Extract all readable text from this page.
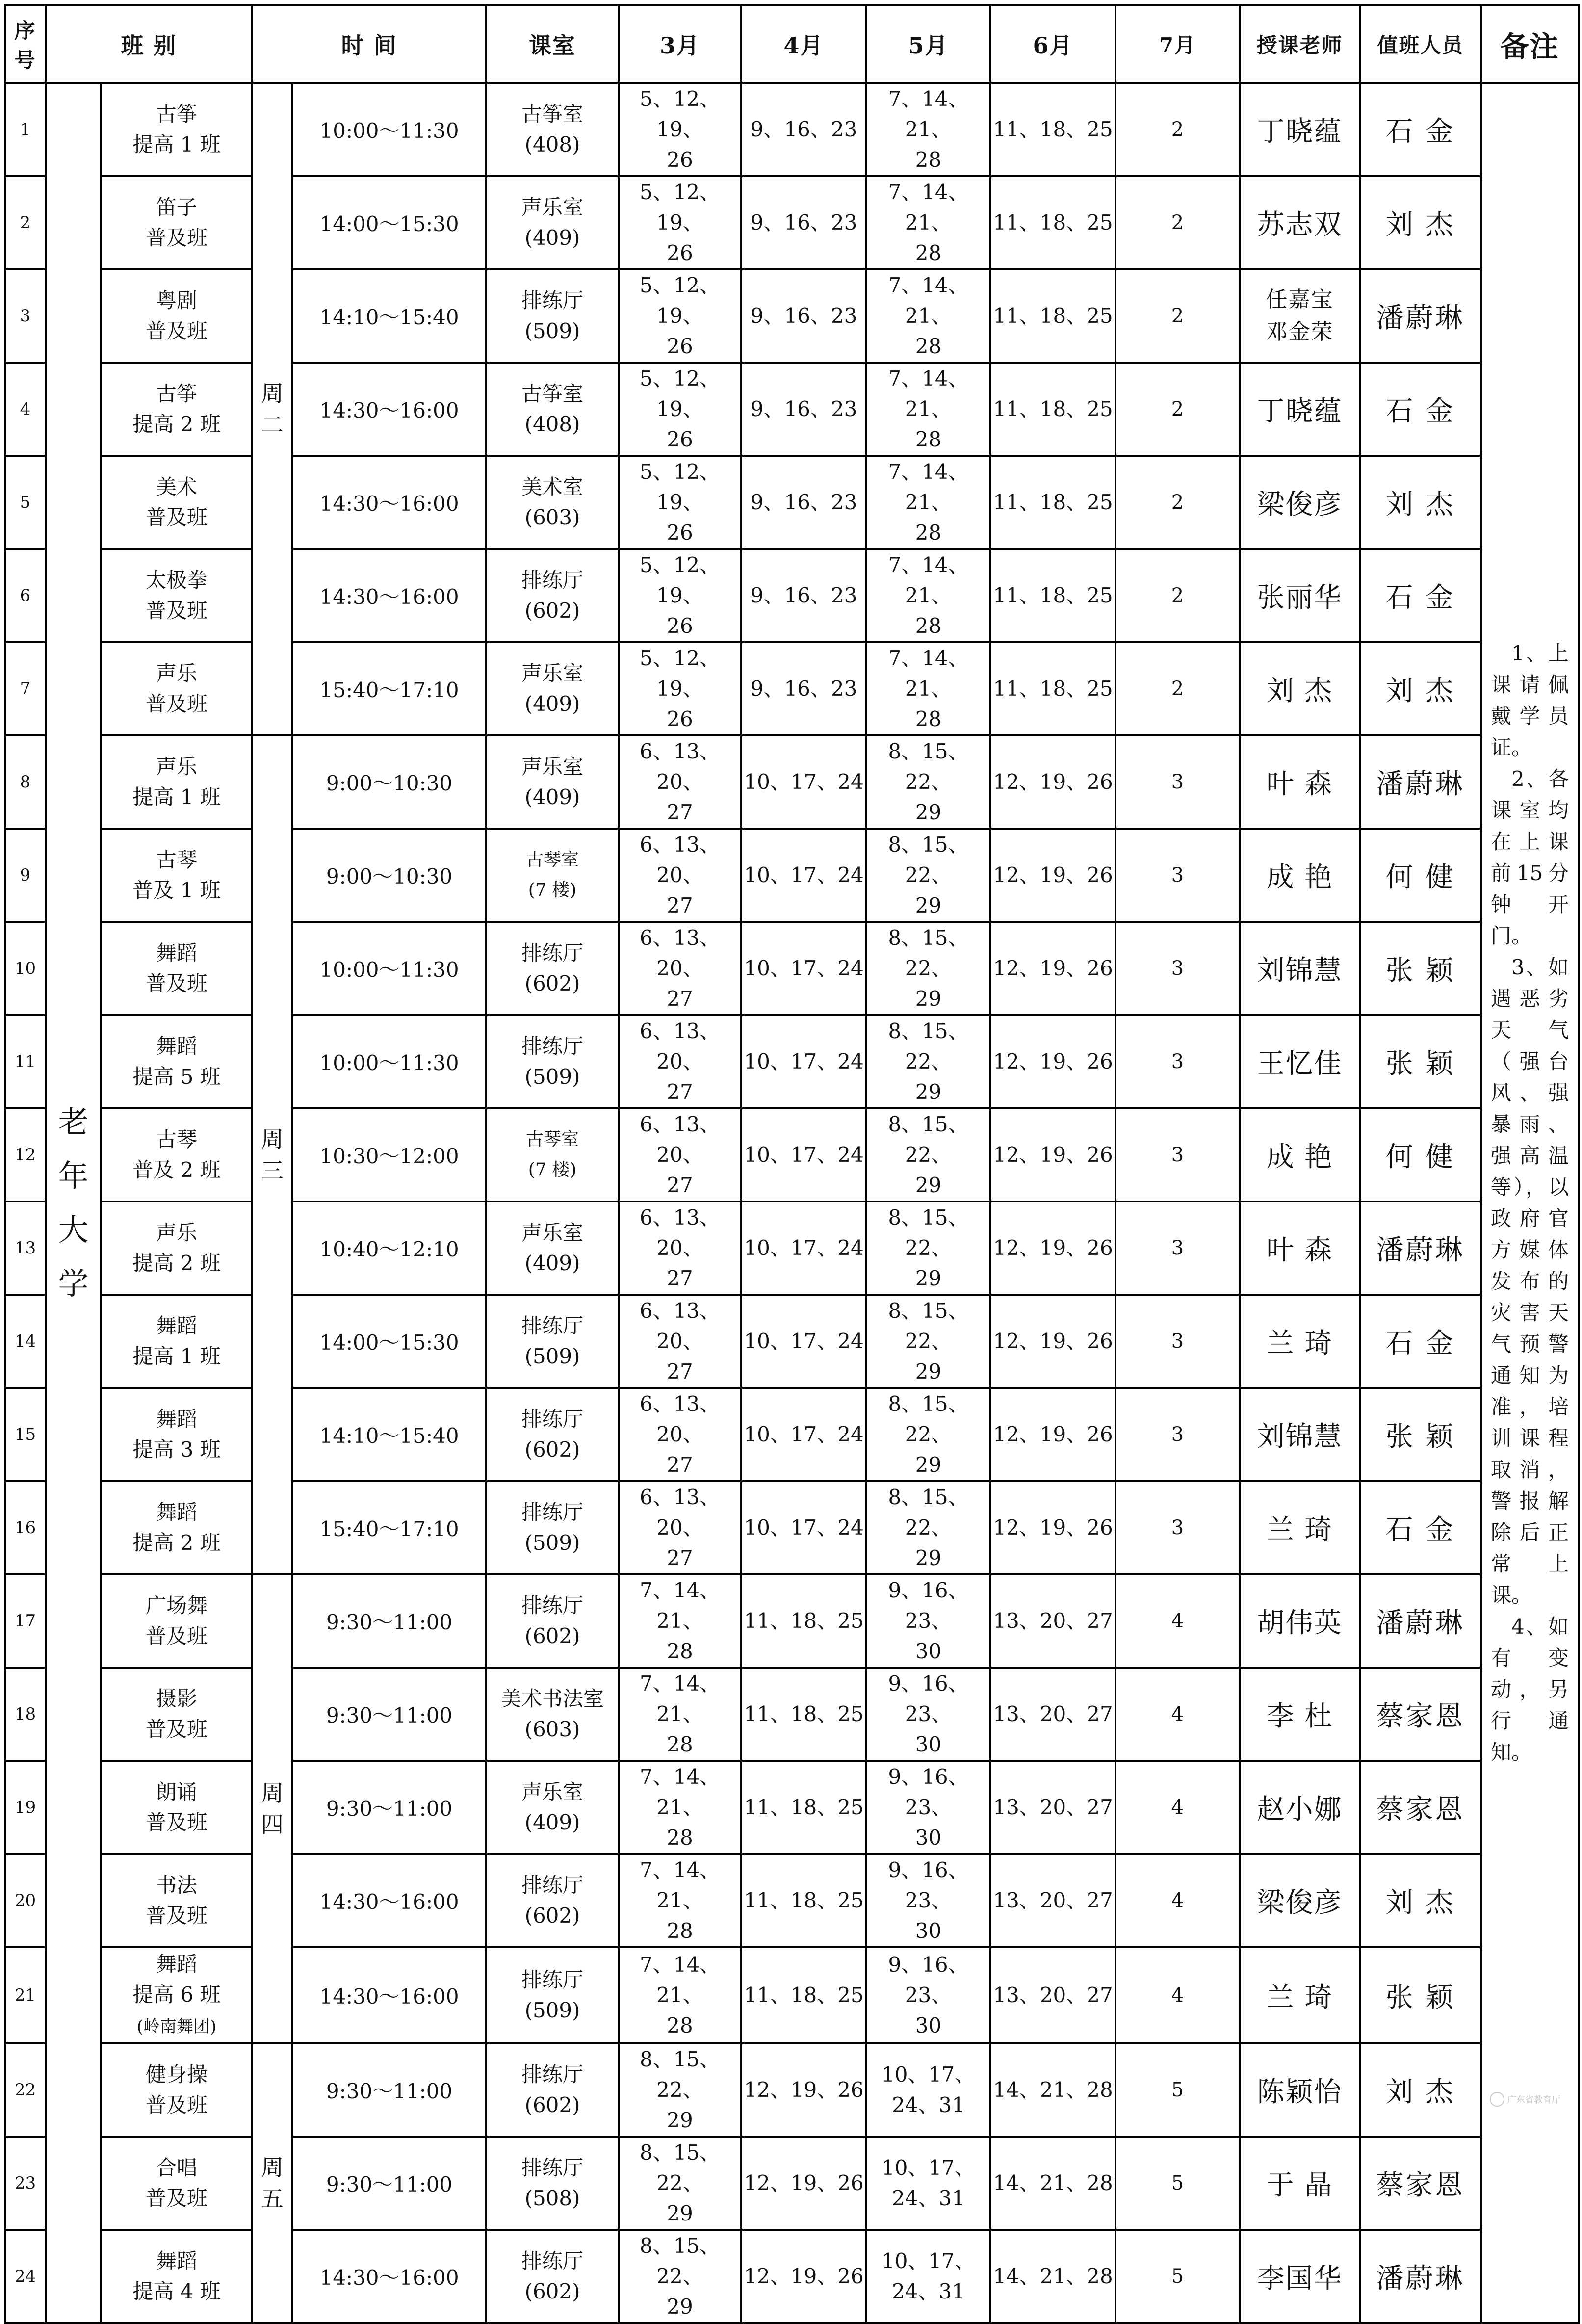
序号	班 别		时 间		课室	3月	4月	5月	6月	7月	授课老师	值班人员	备注
1	老
年
大
学	古筝
提高 1 班	周
二	10:00～11:30	古筝室
(408)	5、12、19、
26	9、16、23	7、14、21、
28	11、18、25	2	丁晓蕴	石 金	1、上课请佩戴学员证。
2、各课室均在上课前15分钟开门。
3、如遇恶劣天气（强台风、强暴雨、强高温等），以政府官方媒体发布的灾害天气预警通知为准，培训课程取消，警报解除后正常上课。
4、如有变动，另行通知。

2		笛子
普及班		14:00～15:30	声乐室
(409)	5、12、19、
26	9、16、23	7、14、21、
28	11、18、25	2	苏志双	刘 杰	
3		粤剧
普及班		14:10～15:40	排练厅
(509)	5、12、19、
26	9、16、23	7、14、21、
28	11、18、25	2	任嘉宝
邓金荣	潘蔚琳	
4		古筝
提高 2 班		14:30～16:00	古筝室
(408)	5、12、19、
26	9、16、23	7、14、21、
28	11、18、25	2	丁晓蕴	石 金	
5		美术
普及班		14:30～16:00	美术室
(603)	5、12、19、
26	9、16、23	7、14、21、
28	11、18、25	2	梁俊彦	刘 杰	
6		太极拳
普及班		14:30～16:00	排练厅
(602)	5、12、19、
26	9、16、23	7、14、21、
28	11、18、25	2	张丽华	石 金	
7		声乐
普及班		15:40～17:10	声乐室
(409)	5、12、19、
26	9、16、23	7、14、21、
28	11、18、25	2	刘 杰	刘 杰	
8		声乐
提高 1 班	周
三	9:00～10:30	声乐室
(409)	6、13、20、
27	10、17、24	8、15、22、
29	12、19、26	3	叶 森	潘蔚琳	
9		古琴
普及 1 班		9:00～10:30	古琴室
(7 楼)	6、13、20、
27	10、17、24	8、15、22、
29	12、19、26	3	成 艳	何 健	
10		舞蹈
普及班		10:00～11:30	排练厅
(602)	6、13、20、
27	10、17、24	8、15、22、
29	12、19、26	3	刘锦慧	张 颖	
11		舞蹈
提高 5 班		10:00～11:30	排练厅
(509)	6、13、20、
27	10、17、24	8、15、22、
29	12、19、26	3	王忆佳	张 颖	
12		古琴
普及 2 班		10:30～12:00	古琴室
(7 楼)	6、13、20、
27	10、17、24	8、15、22、
29	12、19、26	3	成 艳	何 健	
13		声乐
提高 2 班		10:40～12:10	声乐室
(409)	6、13、20、
27	10、17、24	8、15、22、
29	12、19、26	3	叶 森	潘蔚琳	
14		舞蹈
提高 1 班		14:00～15:30	排练厅
(509)	6、13、20、
27	10、17、24	8、15、22、
29	12、19、26	3	兰 琦	石 金	
15		舞蹈
提高 3 班		14:10～15:40	排练厅
(602)	6、13、20、
27	10、17、24	8、15、22、
29	12、19、26	3	刘锦慧	张 颖	
16		舞蹈
提高 2 班		15:40～17:10	排练厅
(509)	6、13、20、
27	10、17、24	8、15、22、
29	12、19、26	3	兰 琦	石 金	
17		广场舞
普及班	周
四	9:30～11:00	排练厅
(602)	7、14、21、
28	11、18、25	9、16、23、
30	13、20、27	4	胡伟英	潘蔚琳	
18		摄影
普及班		9:30～11:00	美术书法室
(603)	7、14、21、
28	11、18、25	9、16、23、
30	13、20、27	4	李 杜	蔡家恩	
19		朗诵
普及班		9:30～11:00	声乐室
(409)	7、14、21、
28	11、18、25	9、16、23、
30	13、20、27	4	赵小娜	蔡家恩	
20		书法
普及班		14:30～16:00	排练厅
(602)	7、14、21、
28	11、18、25	9、16、23、
30	13、20、27	4	梁俊彦	刘 杰	
21		舞蹈
提高 6 班
(岭南舞团)		14:30～16:00	排练厅
(509)	7、14、21、
28	11、18、25	9、16、23、
30	13、20、27	4	兰 琦	张 颖	
22		健身操
普及班	周
五	9:30～11:00	排练厅
(602)	8、15、22、
29	12、19、26	10、17、
24、31	14、21、28	5	陈颖怡	刘 杰	
23		合唱
普及班		9:30～11:00	排练厅
(508)	8、15、22、
29	12、19、26	10、17、
24、31	14、21、28	5	于 晶	蔡家恩	
24		舞蹈
提高 4 班		14:30～16:00	排练厅
(602)	8、15、22、
29	12、19、26	10、17、
24、31	14、21、28	5	李国华	潘蔚琳	
广东省教育厅
